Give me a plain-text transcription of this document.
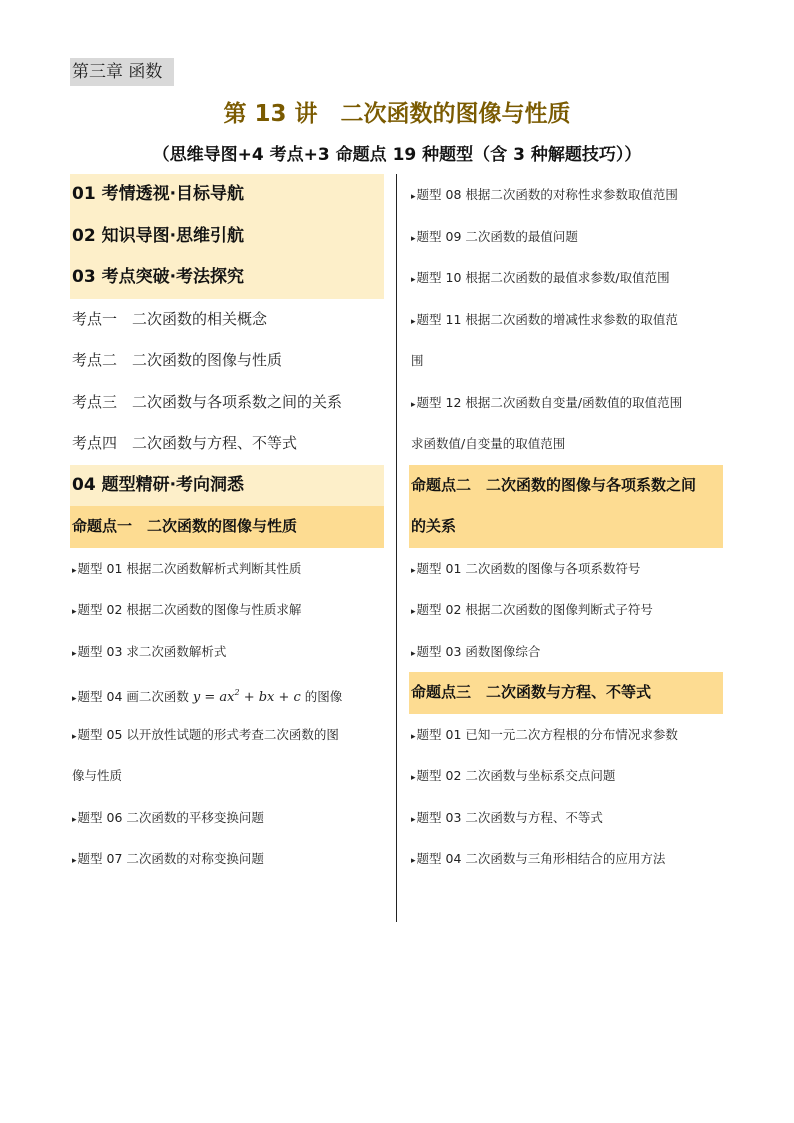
第三章 函数
第 13 讲　二次函数的图像与性质
（思维导图+4 考点+3 命题点 19 种题型（含 3 种解题技巧））
01 考情透视·目标导航
02 知识导图·思维引航
03 考点突破·考法探究
考点一　二次函数的相关概念
考点二　二次函数的图像与性质
考点三　二次函数与各项系数之间的关系
考点四　二次函数与方程、不等式
04 题型精研·考向洞悉
命题点一　二次函数的图像与性质
▸题型 01 根据二次函数解析式判断其性质
▸题型 02 根据二次函数的图像与性质求解
▸题型 03 求二次函数解析式
▸题型 04 画二次函数 $y = ax^2$ + bx + c 的图像
▸题型 05 以开放性试题的形式考查二次函数的图
像与性质
▸题型 06 二次函数的平移变换问题
▸题型 07 二次函数的对称变换问题
▸题型 08 根据二次函数的对称性求参数取值范围
▸题型 09 二次函数的最值问题
▸题型 10 根据二次函数的最值求参数/取值范围
▸题型 11 根据二次函数的增减性求参数的取值范
围
▸题型 12 根据二次函数自变量/函数值的取值范围
求函数值/自变量的取值范围
命题点二　二次函数的图像与各项系数之间
的关系
▸题型 01 二次函数的图像与各项系数符号
▸题型 02 根据二次函数的图像判断式子符号
▸题型 03 函数图像综合
命题点三　二次函数与方程、不等式
▸题型 01 已知一元二次方程根的分布情况求参数
▸题型 02 二次函数与坐标系交点问题
▸题型 03 二次函数与方程、不等式
▸题型 04 二次函数与三角形相结合的应用方法
